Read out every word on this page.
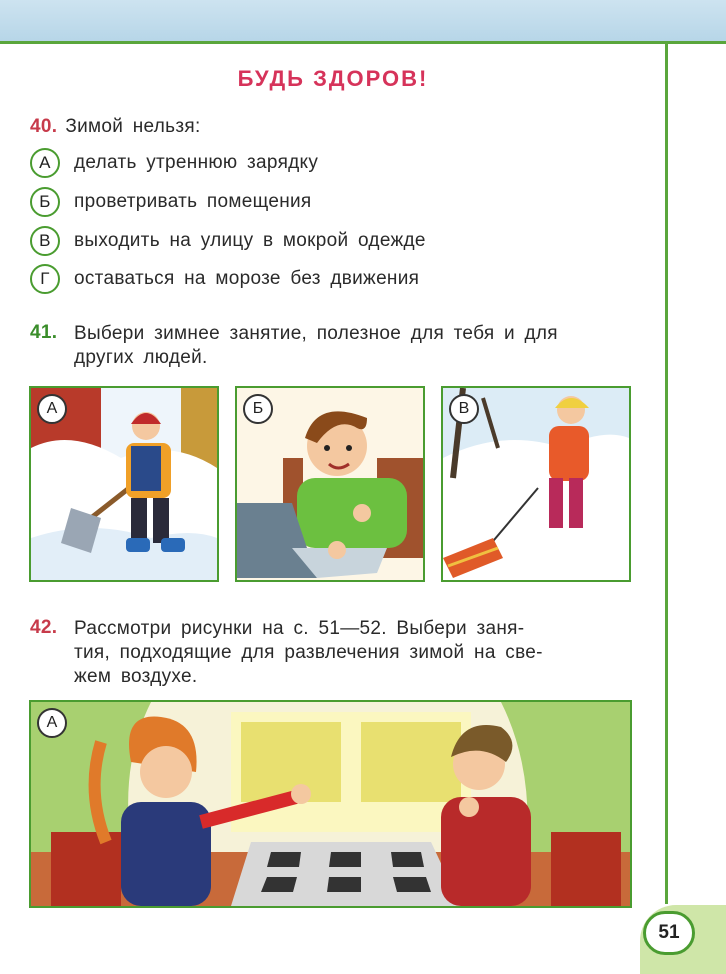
БУДЬ ЗДОРОВ!
40. Зимой нельзя:
А	делать утреннюю зарядку
Б	проветривать помещения
В	выходить на улицу в мокрой одежде
Г	оставаться на морозе без движения
41. Выбери зимнее занятие, полезное для тебя и для
других людей.
А	Б	В
42. Рассмотри рисунки на с. 51—52. Выбери заня-
тия, подходящие для развлечения зимой на све-
жем воздухе.
А
51
